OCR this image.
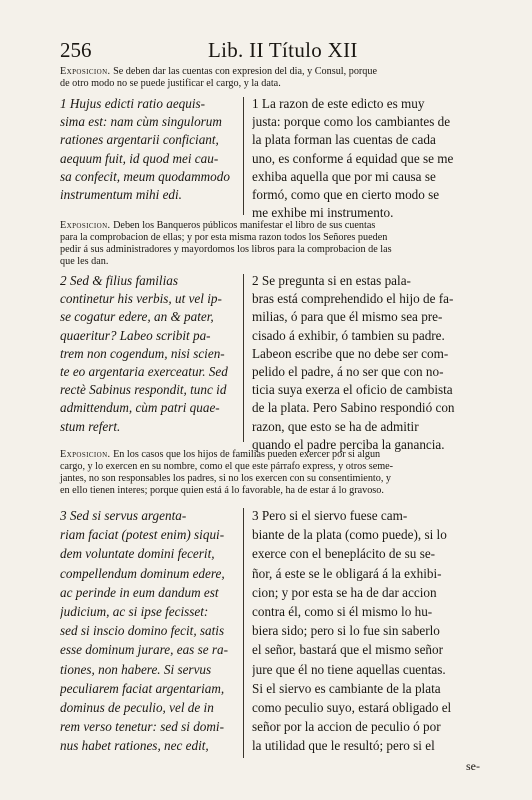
256	Lib. II Título XII
Exposicion. Se deben dar las cuentas con expresion del dia, y Consul, porque
de otro modo no se puede justificar el cargo, y la data.
1 Hujus edicti ratio aequis-
sima est: nam cùm singulorum
rationes argentarii conficiant,
aequum fuit, id quod mei cau-
sa confecit, meum quodammodo
instrumentum mihi edi.
1 La razon de este edicto es muy
justa: porque como los cambiantes de
la plata forman las cuentas de cada
uno, es conforme á equidad que se me
exhiba aquella que por mi causa se
formó, como que en cierto modo se
me exhibe mi instrumento.
Exposicion. Deben los Banqueros públicos manifestar el libro de sus cuentas
para la comprobacion de ellas; y por esta misma razon todos los Señores pueden
pedir á sus administradores y mayordomos los libros para la comprobacion de las
que les dan.
2 Sed & filius familias
continetur his verbis, ut vel ip-
se cogatur edere, an & pater,
quaeritur? Labeo scribit pa-
trem non cogendum, nisi scien-
te eo argentaria exerceatur. Sed
rectè Sabinus respondit, tunc id
admittendum, cùm patri quae-
stum refert.
2 Se pregunta si en estas pala-
bras está comprehendido el hijo de fa-
milias, ó para que él mismo sea pre-
cisado á exhibir, ó tambien su padre.
Labeon escribe que no debe ser com-
pelido el padre, á no ser que con no-
ticia suya exerza el oficio de cambista
de la plata. Pero Sabino respondió con
razon, que esto se ha de admitir
quando el padre perciba la ganancia.
Exposicion. En los casos que los hijos de familias pueden exercer por si algun
cargo, y lo exercen en su nombre, como el que este párrafo express, y otros seme-
jantes, no son responsables los padres, si no los exercen con su consentimiento, y
en ello tienen interes; porque quien está á lo favorable, ha de estar á lo gravoso.
3 Sed si servus argenta-
riam faciat (potest enim) siqui-
dem voluntate domini fecerit,
compellendum dominum edere,
ac perinde in eum dandum est
judicium, ac si ipse fecisset:
sed si inscio domino fecit, satis
esse dominum jurare, eas se ra-
tiones, non habere. Si servus
peculiarem faciat argentariam,
dominus de peculio, vel de in
rem verso tenetur: sed si domi-
nus habet rationes, nec edit,
3 Pero si el siervo fuese cam-
biante de la plata (como puede), si lo
exerce con el beneplácito de su se-
ñor, á este se le obligará á la exhibi-
cion; y por esta se ha de dar accion
contra él, como si él mismo lo hu-
biera sido; pero si lo fue sin saberlo
el señor, bastará que el mismo señor
jure que él no tiene aquellas cuentas.
Si el siervo es cambiante de la plata
como peculio suyo, estará obligado el
señor por la accion de peculio ó por
la utilidad que le resultó; pero si el
se-
